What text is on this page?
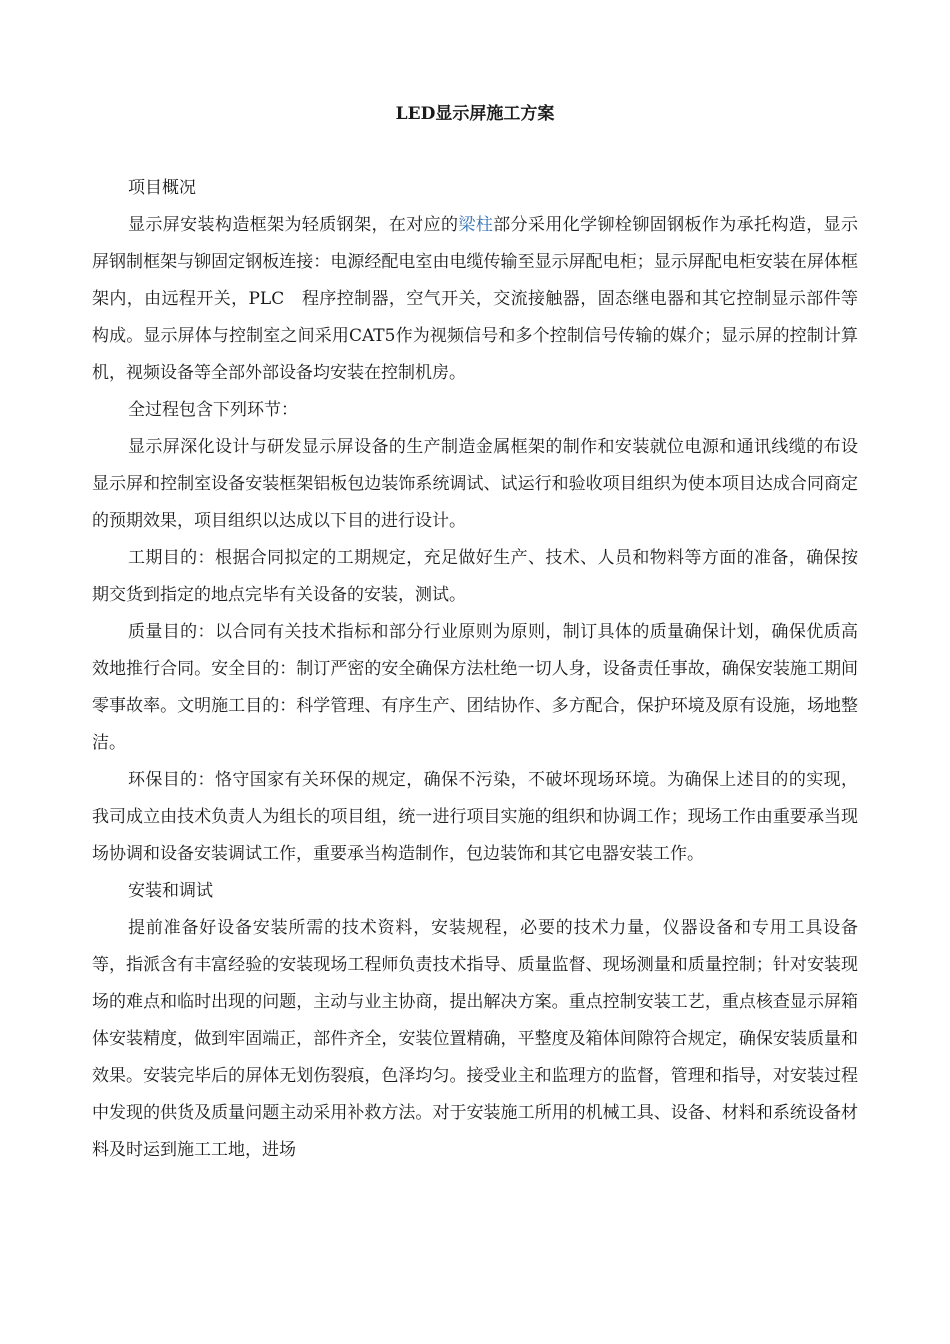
LED显示屏施工方案

项目概况

显示屏安装构造框架为轻质钢架，在对应的梁柱部分采用化学铆栓铆固钢板作为承托构造，显示屏钢制框架与铆固定钢板连接：电源经配电室由电缆传输至显示屏配电柜；显示屏配电柜安装在屏体框架内，由远程开关，PLC　程序控制器，空气开关，交流接触器，固态继电器和其它控制显示部件等构成。显示屏体与控制室之间采用CAT5作为视频信号和多个控制信号传输的媒介；显示屏的控制计算机，视频设备等全部外部设备均安装在控制机房。

全过程包含下列环节：

显示屏深化设计与研发显示屏设备的生产制造金属框架的制作和安装就位电源和通讯线缆的布设显示屏和控制室设备安装框架铝板包边装饰系统调试、试运行和验收项目组织为使本项目达成合同商定的预期效果，项目组织以达成以下目的进行设计。

工期目的：根据合同拟定的工期规定，充足做好生产、技术、人员和物料等方面的准备，确保按期交货到指定的地点完毕有关设备的安装，测试。

质量目的：以合同有关技术指标和部分行业原则为原则，制订具体的质量确保计划，确保优质高效地推行合同。安全目的：制订严密的安全确保方法杜绝一切人身，设备责任事故，确保安装施工期间零事故率。文明施工目的：科学管理、有序生产、团结协作、多方配合，保护环境及原有设施，场地整洁。

环保目的：恪守国家有关环保的规定，确保不污染，不破坏现场环境。为确保上述目的的实现，我司成立由技术负责人为组长的项目组，统一进行项目实施的组织和协调工作；现场工作由重要承当现场协调和设备安装调试工作，重要承当构造制作，包边装饰和其它电器安装工作。

安装和调试

提前准备好设备安装所需的技术资料，安装规程，必要的技术力量，仪器设备和专用工具设备等，指派含有丰富经验的安装现场工程师负责技术指导、质量监督、现场测量和质量控制；针对安装现场的难点和临时出现的问题，主动与业主协商，提出解决方案。重点控制安装工艺，重点核查显示屏箱体安装精度，做到牢固端正，部件齐全，安装位置精确，平整度及箱体间隙符合规定，确保安装质量和效果。安装完毕后的屏体无划伤裂痕，色泽均匀。接受业主和监理方的监督，管理和指导，对安装过程中发现的供货及质量问题主动采用补救方法。对于安装施工所用的机械工具、设备、材料和系统设备材料及时运到施工工地，进场
